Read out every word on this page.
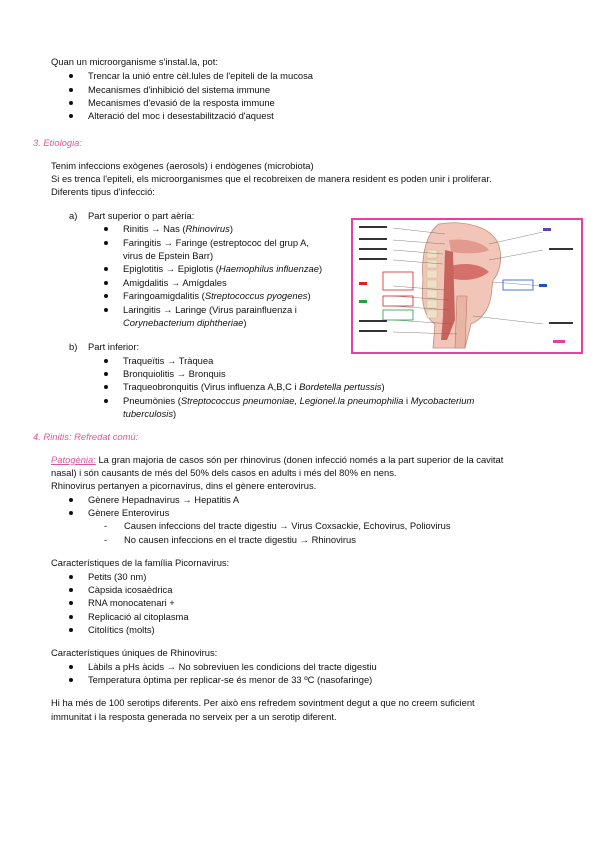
Quan un microorganisme s'instal.la, pot:
Trencar la unió entre cèl.lules de l'epiteli de la mucosa
Mecanismes d'inhibició del sistema immune
Mecanismes d'evasió de la resposta immune
Alteració del moc i desestabilització d'aquest
3. Etiologia:
Tenim infeccions exògenes (aerosols) i endògenes (microbiota)
Si es trenca l'epiteli, els microorganismes que el recobreixen de manera resident es poden unir i proliferar.
Diferents tipus d'infecció:
a) Part superior o part aèria:
Rinitis → Nas (Rhinovirus)
Faringitis → Faringe (estreptococ del grup A,
virus de Epstein Barr)
Epiglotitis → Epiglotis (Haemophilus influenzae)
Amigdalitis → Amígdales
Faringoamigdalitis (Streptococcus pyogenes)
Laringitis → Laringe (Virus parainfluenza i
Corynebacterium diphtheriae)
b) Part inferior:
Traqueïtis → Tràquea
Bronquiolitis → Bronquis
Traqueobronquitis (Virus influenza A,B,C i Bordetella pertussis)
Pneumònies (Streptococcus pneumoniae, Legionel.la pneumophilia i Mycobacterium
tuberculosis)
4. Rinitis: Refredat comú:
Patogènia: La gran majoria de casos són per rhinovirus (donen infecció només a la part superior de la cavitat
nasal) i són causants de més del 50% dels casos en adults i més del 80% en nens.
Rhinovirus pertanyen a picornavirus, dins el gènere enterovirus.
Gènere Hepadnavirus → Hepatitis A
Gènere Enterovirus
- Causen infeccions del tracte digestiu → Virus Coxsackie, Echovirus, Poliovirus
- No causen infeccions en el tracte digestiu → Rhinovirus
Característiques de la família Picornavirus:
Petits (30 nm)
Càpsida icosaèdrica
RNA monocatenari +
Replicació al citoplasma
Citolítics (molts)
Característiques úniques de Rhinovirus:
Làbils a pHs àcids → No sobreviuen les condicions del tracte digestiu
Temperatura òptima per replicar-se és menor de 33 ºC (nasofaringe)
Hi ha més de 100 serotips diferents. Per això ens refredem sovintment degut a que no creem suficient
immunitat i la resposta generada no serveix per a un serotip diferent.
